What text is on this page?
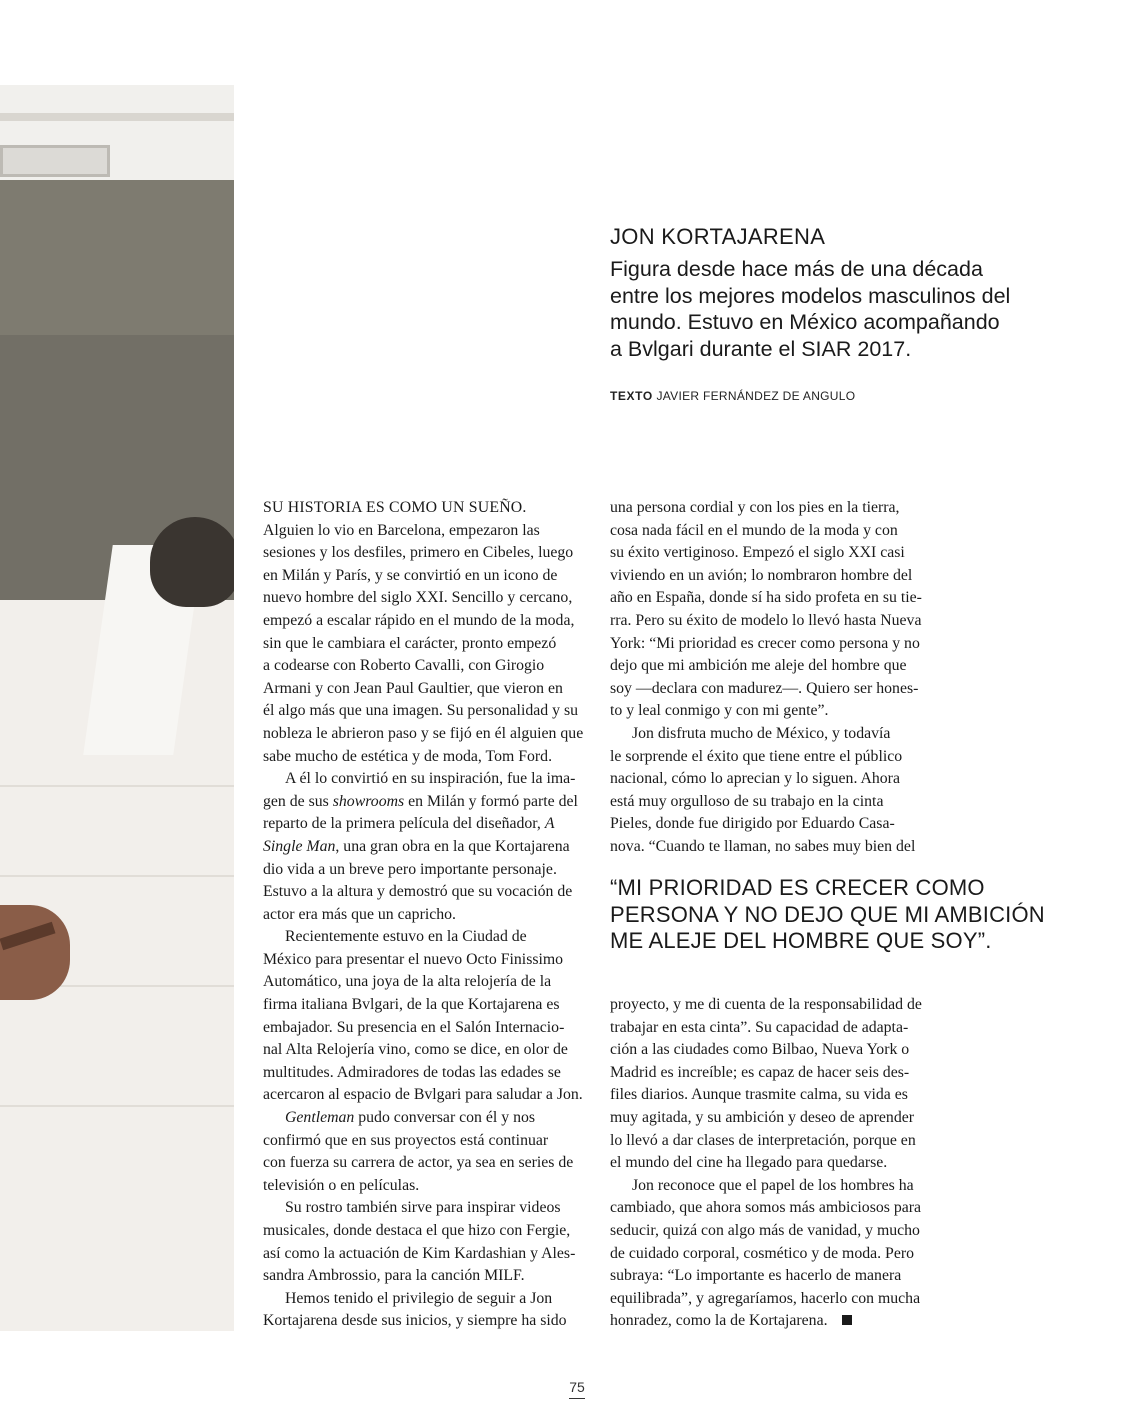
JON KORTAJARENA

Figura desde hace más de una década
entre los mejores modelos masculinos del
mundo. Estuvo en México acompañando
a Bvlgari durante el SIAR 2017.

TEXTO JAVIER FERNÁNDEZ DE ANGULO

SU HISTORIA ES COMO UN SUEÑO.
Alguien lo vio en Barcelona, empezaron las
sesiones y los desfiles, primero en Cibeles, luego
en Milán y París, y se convirtió en un icono de
nuevo hombre del siglo XXI. Sencillo y cercano,
empezó a escalar rápido en el mundo de la moda,
sin que le cambiara el carácter, pronto empezó
a codearse con Roberto Cavalli, con Girogio
Armani y con Jean Paul Gaultier, que vieron en
él algo más que una imagen. Su personalidad y su
nobleza le abrieron paso y se fijó en él alguien que
sabe mucho de estética y de moda, Tom Ford.

A él lo convirtió en su inspiración, fue la ima-
gen de sus showrooms en Milán y formó parte del
reparto de la primera película del diseñador, A
Single Man, una gran obra en la que Kortajarena
dio vida a un breve pero importante personaje.
Estuvo a la altura y demostró que su vocación de
actor era más que un capricho.

Recientemente estuvo en la Ciudad de
México para presentar el nuevo Octo Finissimo
Automático, una joya de la alta relojería de la
firma italiana Bvlgari, de la que Kortajarena es
embajador. Su presencia en el Salón Internacio-
nal Alta Relojería vino, como se dice, en olor de
multitudes. Admiradores de todas las edades se
acercaron al espacio de Bvlgari para saludar a Jon.

Gentleman pudo conversar con él y nos
confirmó que en sus proyectos está continuar
con fuerza su carrera de actor, ya sea en series de
televisión o en películas.

Su rostro también sirve para inspirar videos
musicales, donde destaca el que hizo con Fergie,
así como la actuación de Kim Kardashian y Ales-
sandra Ambrossio, para la canción MILF.

Hemos tenido el privilegio de seguir a Jon
Kortajarena desde sus inicios, y siempre ha sido

una persona cordial y con los pies en la tierra,
cosa nada fácil en el mundo de la moda y con
su éxito vertiginoso. Empezó el siglo XXI casi
viviendo en un avión; lo nombraron hombre del
año en España, donde sí ha sido profeta en su tie-
rra. Pero su éxito de modelo lo llevó hasta Nueva
York: “Mi prioridad es crecer como persona y no
dejo que mi ambición me aleje del hombre que
soy —declara con madurez—. Quiero ser hones-
to y leal conmigo y con mi gente”.

Jon disfruta mucho de México, y todavía
le sorprende el éxito que tiene entre el público
nacional, cómo lo aprecian y lo siguen. Ahora
está muy orgulloso de su trabajo en la cinta
Pieles, donde fue dirigido por Eduardo Casa-
nova. “Cuando te llaman, no sabes muy bien del

“MI PRIORIDAD ES CRECER COMO PERSONA Y NO DEJO QUE MI AMBICIÓN ME ALEJE DEL HOMBRE QUE SOY”.

proyecto, y me di cuenta de la responsabilidad de
trabajar en esta cinta”. Su capacidad de adapta-
ción a las ciudades como Bilbao, Nueva York o
Madrid es increíble; es capaz de hacer seis des-
files diarios. Aunque trasmite calma, su vida es
muy agitada, y su ambición y deseo de aprender
lo llevó a dar clases de interpretación, porque en
el mundo del cine ha llegado para quedarse.

Jon reconoce que el papel de los hombres ha
cambiado, que ahora somos más ambiciosos para
seducir, quizá con algo más de vanidad, y mucho
de cuidado corporal, cosmético y de moda. Pero
subraya: “Lo importante es hacerlo de manera
equilibrada”, y agregaríamos, hacerlo con mucha
honradez, como la de Kortajarena.

75
